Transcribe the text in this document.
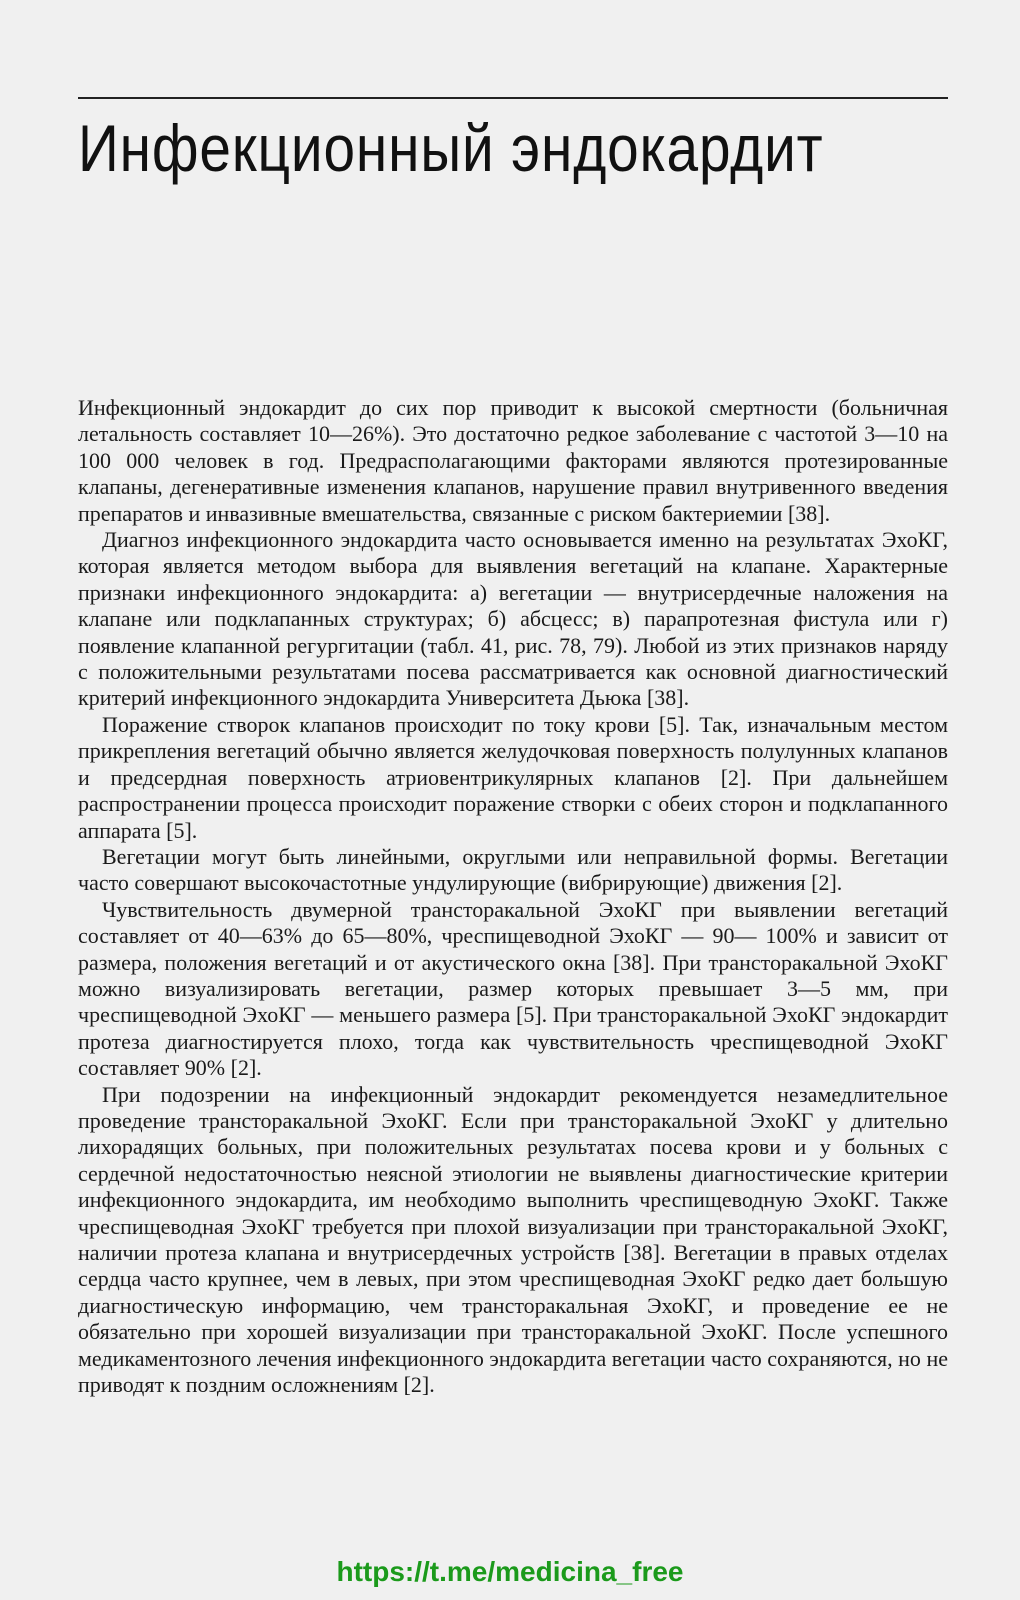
Инфекционный эндокардит

Инфекционный эндокардит до сих пор приводит к высокой смертности (больничная летальность составляет 10—26%). Это достаточно редкое заболевание с частотой 3—10 на 100 000 человек в год. Предрасполагающими факторами являются протезированные клапаны, дегенеративные изменения клапанов, нарушение правил внутривенного введения препаратов и инвазивные вмешательства, связанные с риском бактериемии [38].

Диагноз инфекционного эндокардита часто основывается именно на результатах ЭхоКГ, которая является методом выбора для выявления вегетаций на клапане. Характерные признаки инфекционного эндокардита: а) вегетации — внутрисердечные наложения на клапане или подклапанных структурах; б) абсцесс; в) парапротезная фистула или г) появление клапанной регургитации (табл. 41, рис. 78, 79). Любой из этих признаков наряду с положительными результатами посева рассматривается как основной диагностический критерий инфекционного эндокардита Университета Дьюка [38].

Поражение створок клапанов происходит по току крови [5]. Так, изначальным местом прикрепления вегетаций обычно является желудочковая поверхность полулунных клапанов и предсердная поверхность атриовентрикулярных клапанов [2]. При дальнейшем распространении процесса происходит поражение створки с обеих сторон и подклапанного аппарата [5].

Вегетации могут быть линейными, округлыми или неправильной формы. Вегетации часто совершают высокочастотные ундулирующие (вибрирующие) движения [2].

Чувствительность двумерной трансторакальной ЭхоКГ при выявлении вегетаций составляет от 40—63% до 65—80%, чреспищеводной ЭхоКГ — 90— 100% и зависит от размера, положения вегетаций и от акустического окна [38]. При трансторакальной ЭхоКГ можно визуализировать вегетации, размер которых превышает 3—5 мм, при чреспищеводной ЭхоКГ — меньшего размера [5]. При трансторакальной ЭхоКГ эндокардит протеза диагностируется плохо, тогда как чувствительность чреспищеводной ЭхоКГ составляет 90% [2].

При подозрении на инфекционный эндокардит рекомендуется незамедлительное проведение трансторакальной ЭхоКГ. Если при трансторакальной ЭхоКГ у длительно лихорадящих больных, при положительных результатах посева крови и у больных с сердечной недостаточностью неясной этиологии не выявлены диагностические критерии инфекционного эндокардита, им необходимо выполнить чреспищеводную ЭхоКГ. Также чреспищеводная ЭхоКГ требуется при плохой визуализации при трансторакальной ЭхоКГ, наличии протеза клапана и внутрисердечных устройств [38]. Вегетации в правых отделах сердца часто крупнее, чем в левых, при этом чреспищеводная ЭхоКГ редко дает большую диагностическую информацию, чем трансторакальная ЭхоКГ, и проведение ее не обязательно при хорошей визуализации при трансторакальной ЭхоКГ. После успешного медикаментозного лечения инфекционного эндокардита вегетации часто сохраняются, но не приводят к поздним осложнениям [2].

https://t.me/medicina_free
